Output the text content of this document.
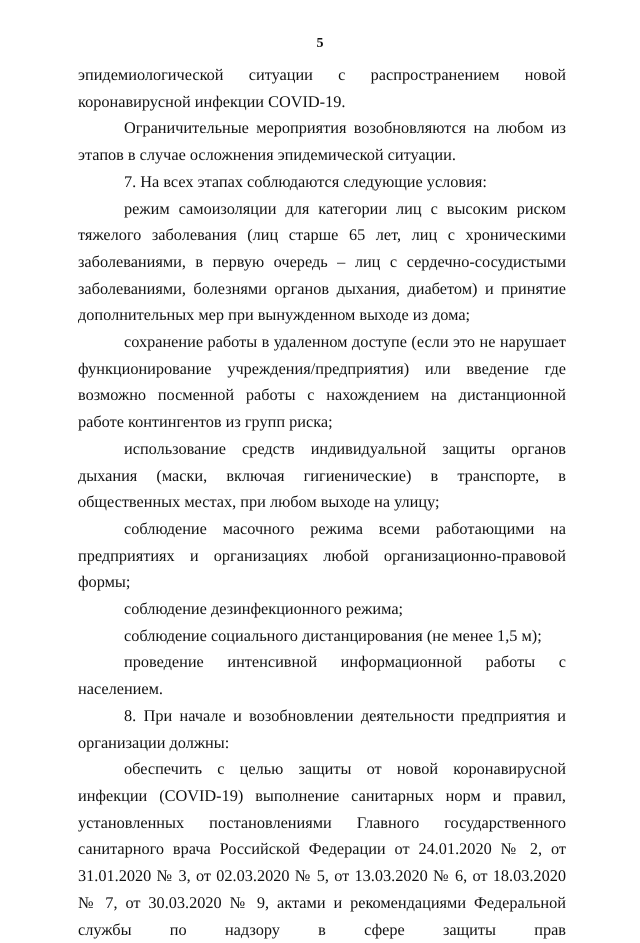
5

эпидемиологической ситуации с распространением новой коронавирусной инфекции COVID-19.

Ограничительные мероприятия возобновляются на любом из этапов в случае осложнения эпидемической ситуации.

7. На всех этапах соблюдаются следующие условия:

режим самоизоляции для категории лиц с высоким риском тяжелого заболевания (лиц старше 65 лет, лиц с хроническими заболеваниями, в первую очередь – лиц с сердечно-сосудистыми заболеваниями, болезнями органов дыхания, диабетом) и принятие дополнительных мер при вынужденном выходе из дома;

сохранение работы в удаленном доступе (если это не нарушает функционирование учреждения/предприятия) или введение где возможно посменной работы с нахождением на дистанционной работе контингентов из групп риска;

использование средств индивидуальной защиты органов дыхания (маски, включая гигиенические) в транспорте, в общественных местах, при любом выходе на улицу;

соблюдение масочного режима всеми работающими на предприятиях и организациях любой организационно-правовой формы;

соблюдение дезинфекционного режима;

соблюдение социального дистанцирования (не менее 1,5 м);

проведение интенсивной информационной работы с населением.

8. При начале и возобновлении деятельности предприятия и организации должны:

обеспечить с целью защиты от новой коронавирусной инфекции (COVID-19) выполнение санитарных норм и правил, установленных постановлениями Главного государственного санитарного врача Российской Федерации от 24.01.2020 № 2, от 31.01.2020 № 3, от 02.03.2020 № 5, от 13.03.2020 № 6, от 18.03.2020 № 7, от 30.03.2020 № 9, актами и рекомендациями Федеральной службы по надзору в сфере защиты прав
